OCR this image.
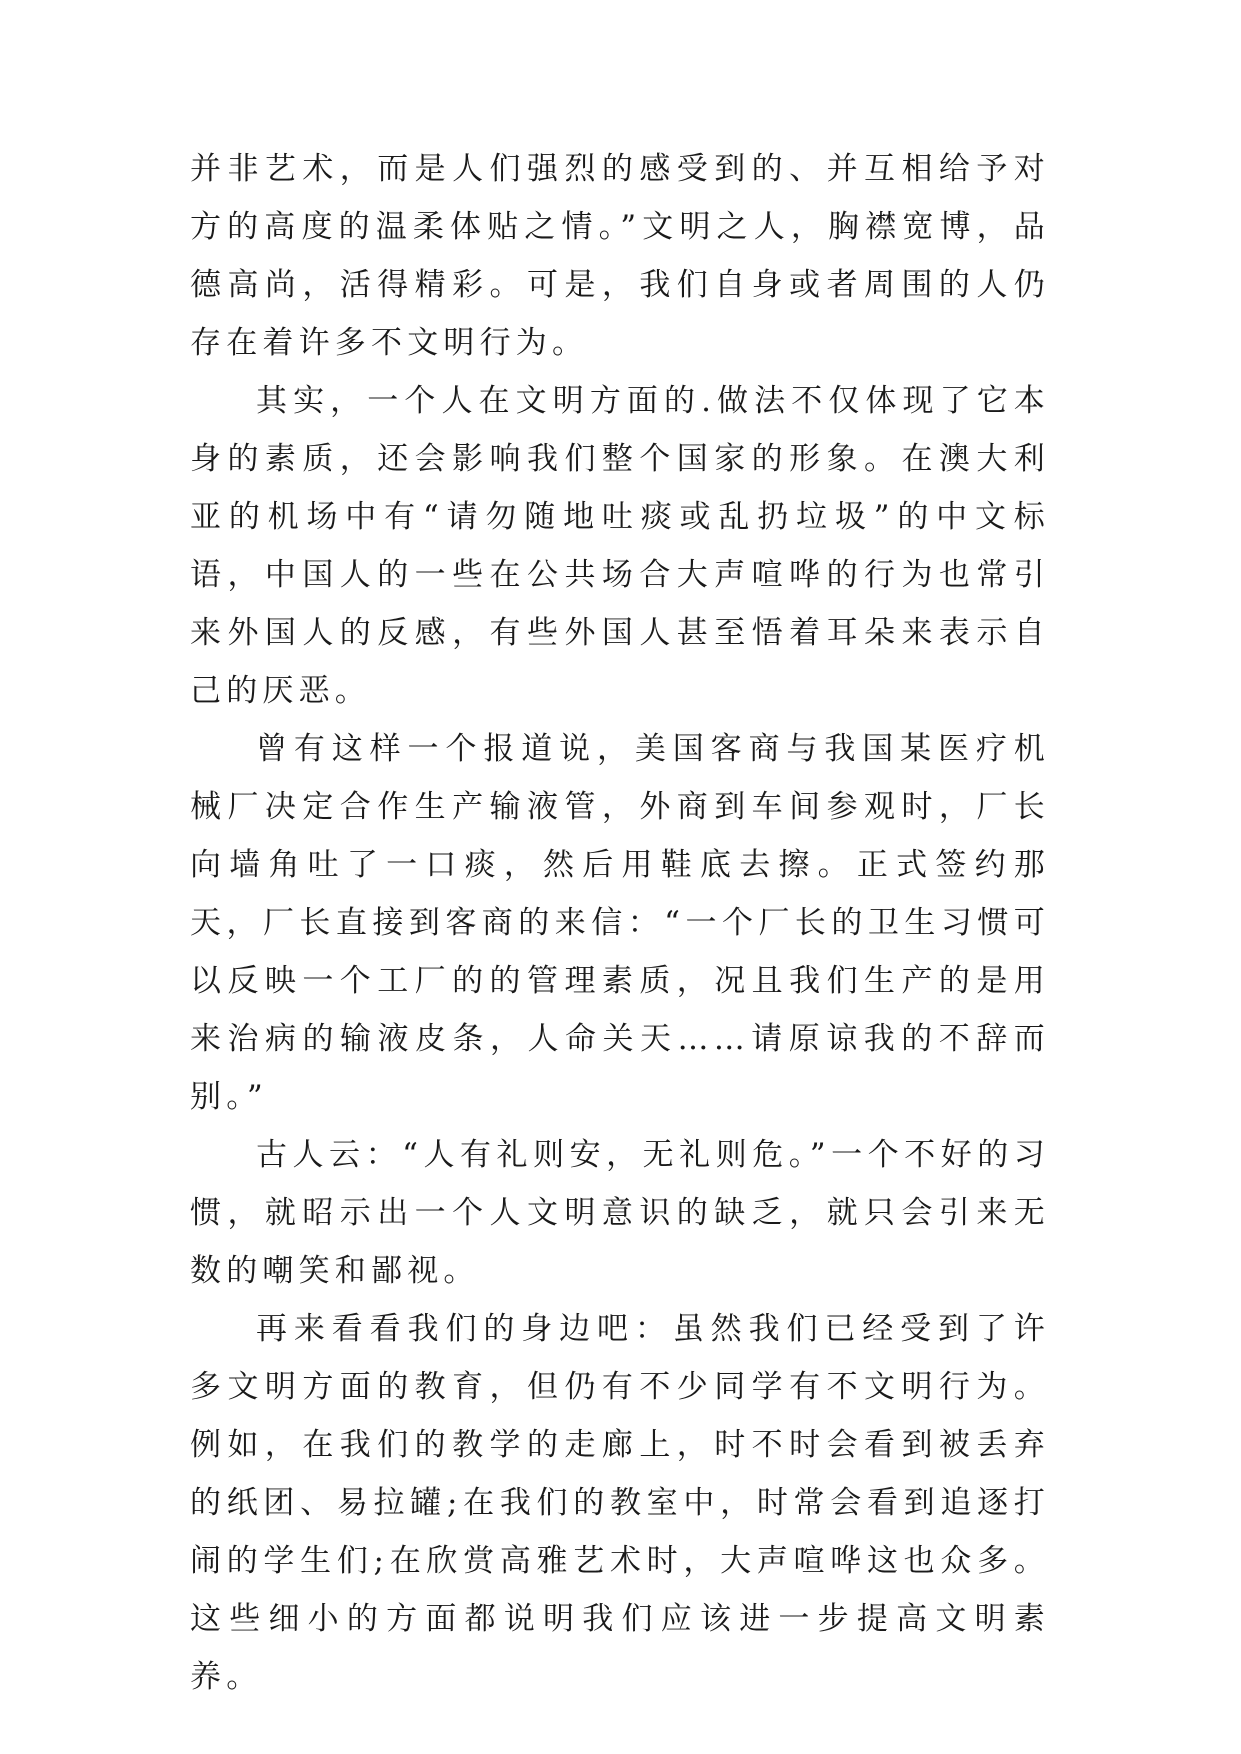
并非艺术，而是人们强烈的感受到的、并互相给予对方的高度的温柔体贴之情。”文明之人，胸襟宽博，品德高尚，活得精彩。可是，我们自身或者周围的人仍存在着许多不文明行为。

其实，一个人在文明方面的.做法不仅体现了它本身的素质，还会影响我们整个国家的形象。在澳大利亚的机场中有“请勿随地吐痰或乱扔垃圾”的中文标语，中国人的一些在公共场合大声喧哗的行为也常引来外国人的反感，有些外国人甚至悟着耳朵来表示自己的厌恶。

曾有这样一个报道说，美国客商与我国某医疗机械厂决定合作生产输液管，外商到车间参观时，厂长向墙角吐了一口痰，然后用鞋底去擦。正式签约那天，厂长直接到客商的来信：“一个厂长的卫生习惯可以反映一个工厂的的管理素质，况且我们生产的是用来治病的输液皮条，人命关天……请原谅我的不辞而别。”

古人云：“人有礼则安，无礼则危。”一个不好的习惯，就昭示出一个人文明意识的缺乏，就只会引来无数的嘲笑和鄙视。

再来看看我们的身边吧：虽然我们已经受到了许多文明方面的教育，但仍有不少同学有不文明行为。例如，在我们的教学的走廊上，时不时会看到被丢弃的纸团、易拉罐;在我们的教室中，时常会看到追逐打闹的学生们;在欣赏高雅艺术时，大声喧哗这也众多。这些细小的方面都说明我们应该进一步提高文明素养。
